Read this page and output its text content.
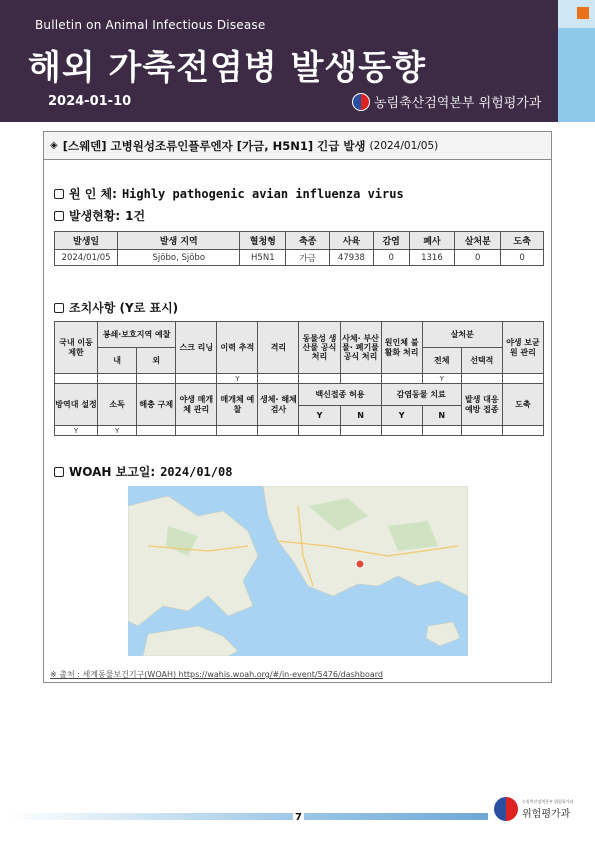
Bulletin on Animal Infectious Disease
해외 가축전염병 발생동향
2024-01-10	농림축산검역본부 위험평가과
◈ [스웨덴] 고병원성조류인플루엔자 [가금, H5N1] 긴급 발생 (2024/01/05)
원 인 체: Highly pathogenic avian influenza virus
발생현황: 1건
발생일	발생 지역	혈청형	축종	사육	감염	폐사	살처분	도축
2024/01/05	Sjöbo, Sjöbo	H5N1	가금	47938	0	1316	0	0
조치사항 (Y로 표시)
국내 이동 제한	봉쇄·보호지역 예찰		스크 리닝	이력 추적	격리	동물성 생산물 공식 처리	사체· 부산물· 폐기물 공식 처리	원인체 불활화 처리	살처분		야생 보균원 관리
	내	외							전체	선택적	
				Y					Y		
방역대 설정	소독	해충 구제	야생 매개체 관리	매개체 예찰	생체· 해체 검사	백신접종 허용		감염동물 치료		발생 대응 예방 접종	도축
						Y	N	Y	N		
Y	Y										
WOAH 보고일: 2024/01/08
※ 출처 : 세계동물보건기구(WOAH) https://wahis.woah.org/#/in-event/5476/dashboard
7
농림축산검역본부 위험평가과
위험평가과
